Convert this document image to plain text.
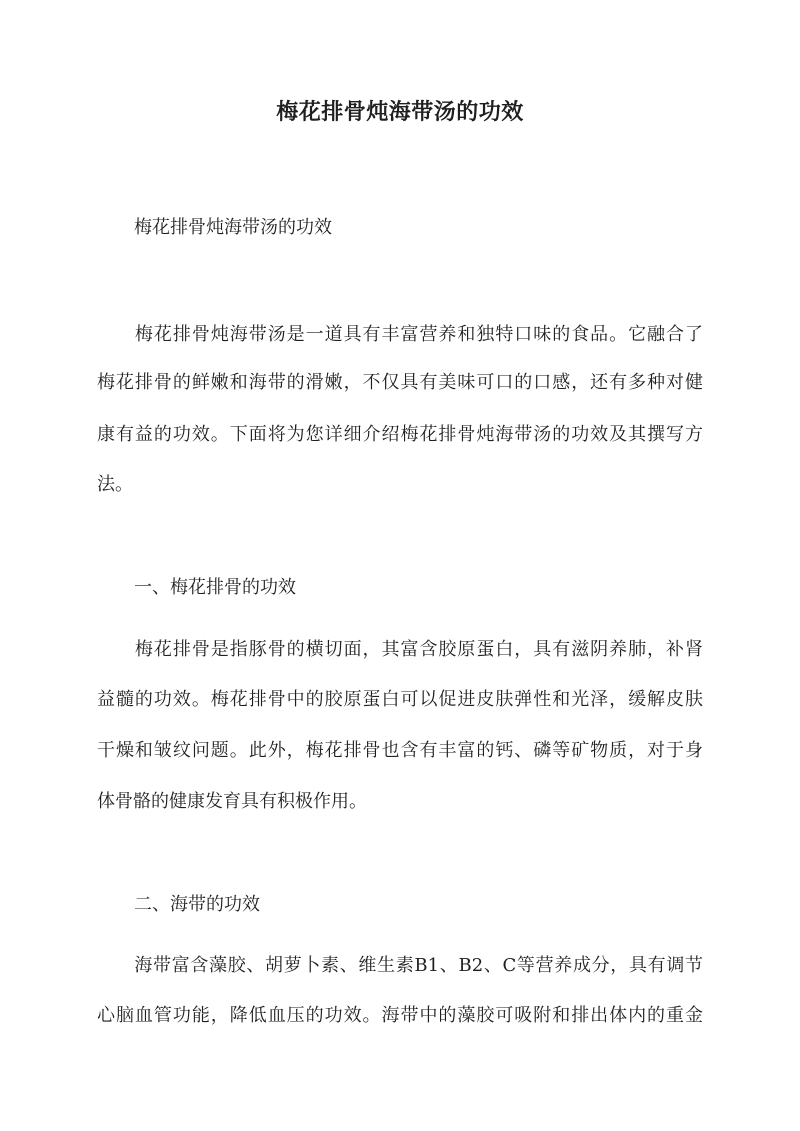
梅花排骨炖海带汤的功效
梅花排骨炖海带汤的功效
　　梅花排骨炖海带汤是一道具有丰富营养和独特口味的食品。它融合了
梅花排骨的鲜嫩和海带的滑嫩，不仅具有美味可口的口感，还有多种对健
康有益的功效。下面将为您详细介绍梅花排骨炖海带汤的功效及其撰写方
法。
一、梅花排骨的功效
　　梅花排骨是指豚骨的横切面，其富含胶原蛋白，具有滋阴养肺，补肾
益髓的功效。梅花排骨中的胶原蛋白可以促进皮肤弹性和光泽，缓解皮肤
干燥和皱纹问题。此外，梅花排骨也含有丰富的钙、磷等矿物质，对于身
体骨骼的健康发育具有积极作用。
二、海带的功效
　　海带富含藻胶、胡萝卜素、维生素B1、B2、C等营养成分，具有调节
心脑血管功能，降低血压的功效。海带中的藻胶可吸附和排出体内的重金
